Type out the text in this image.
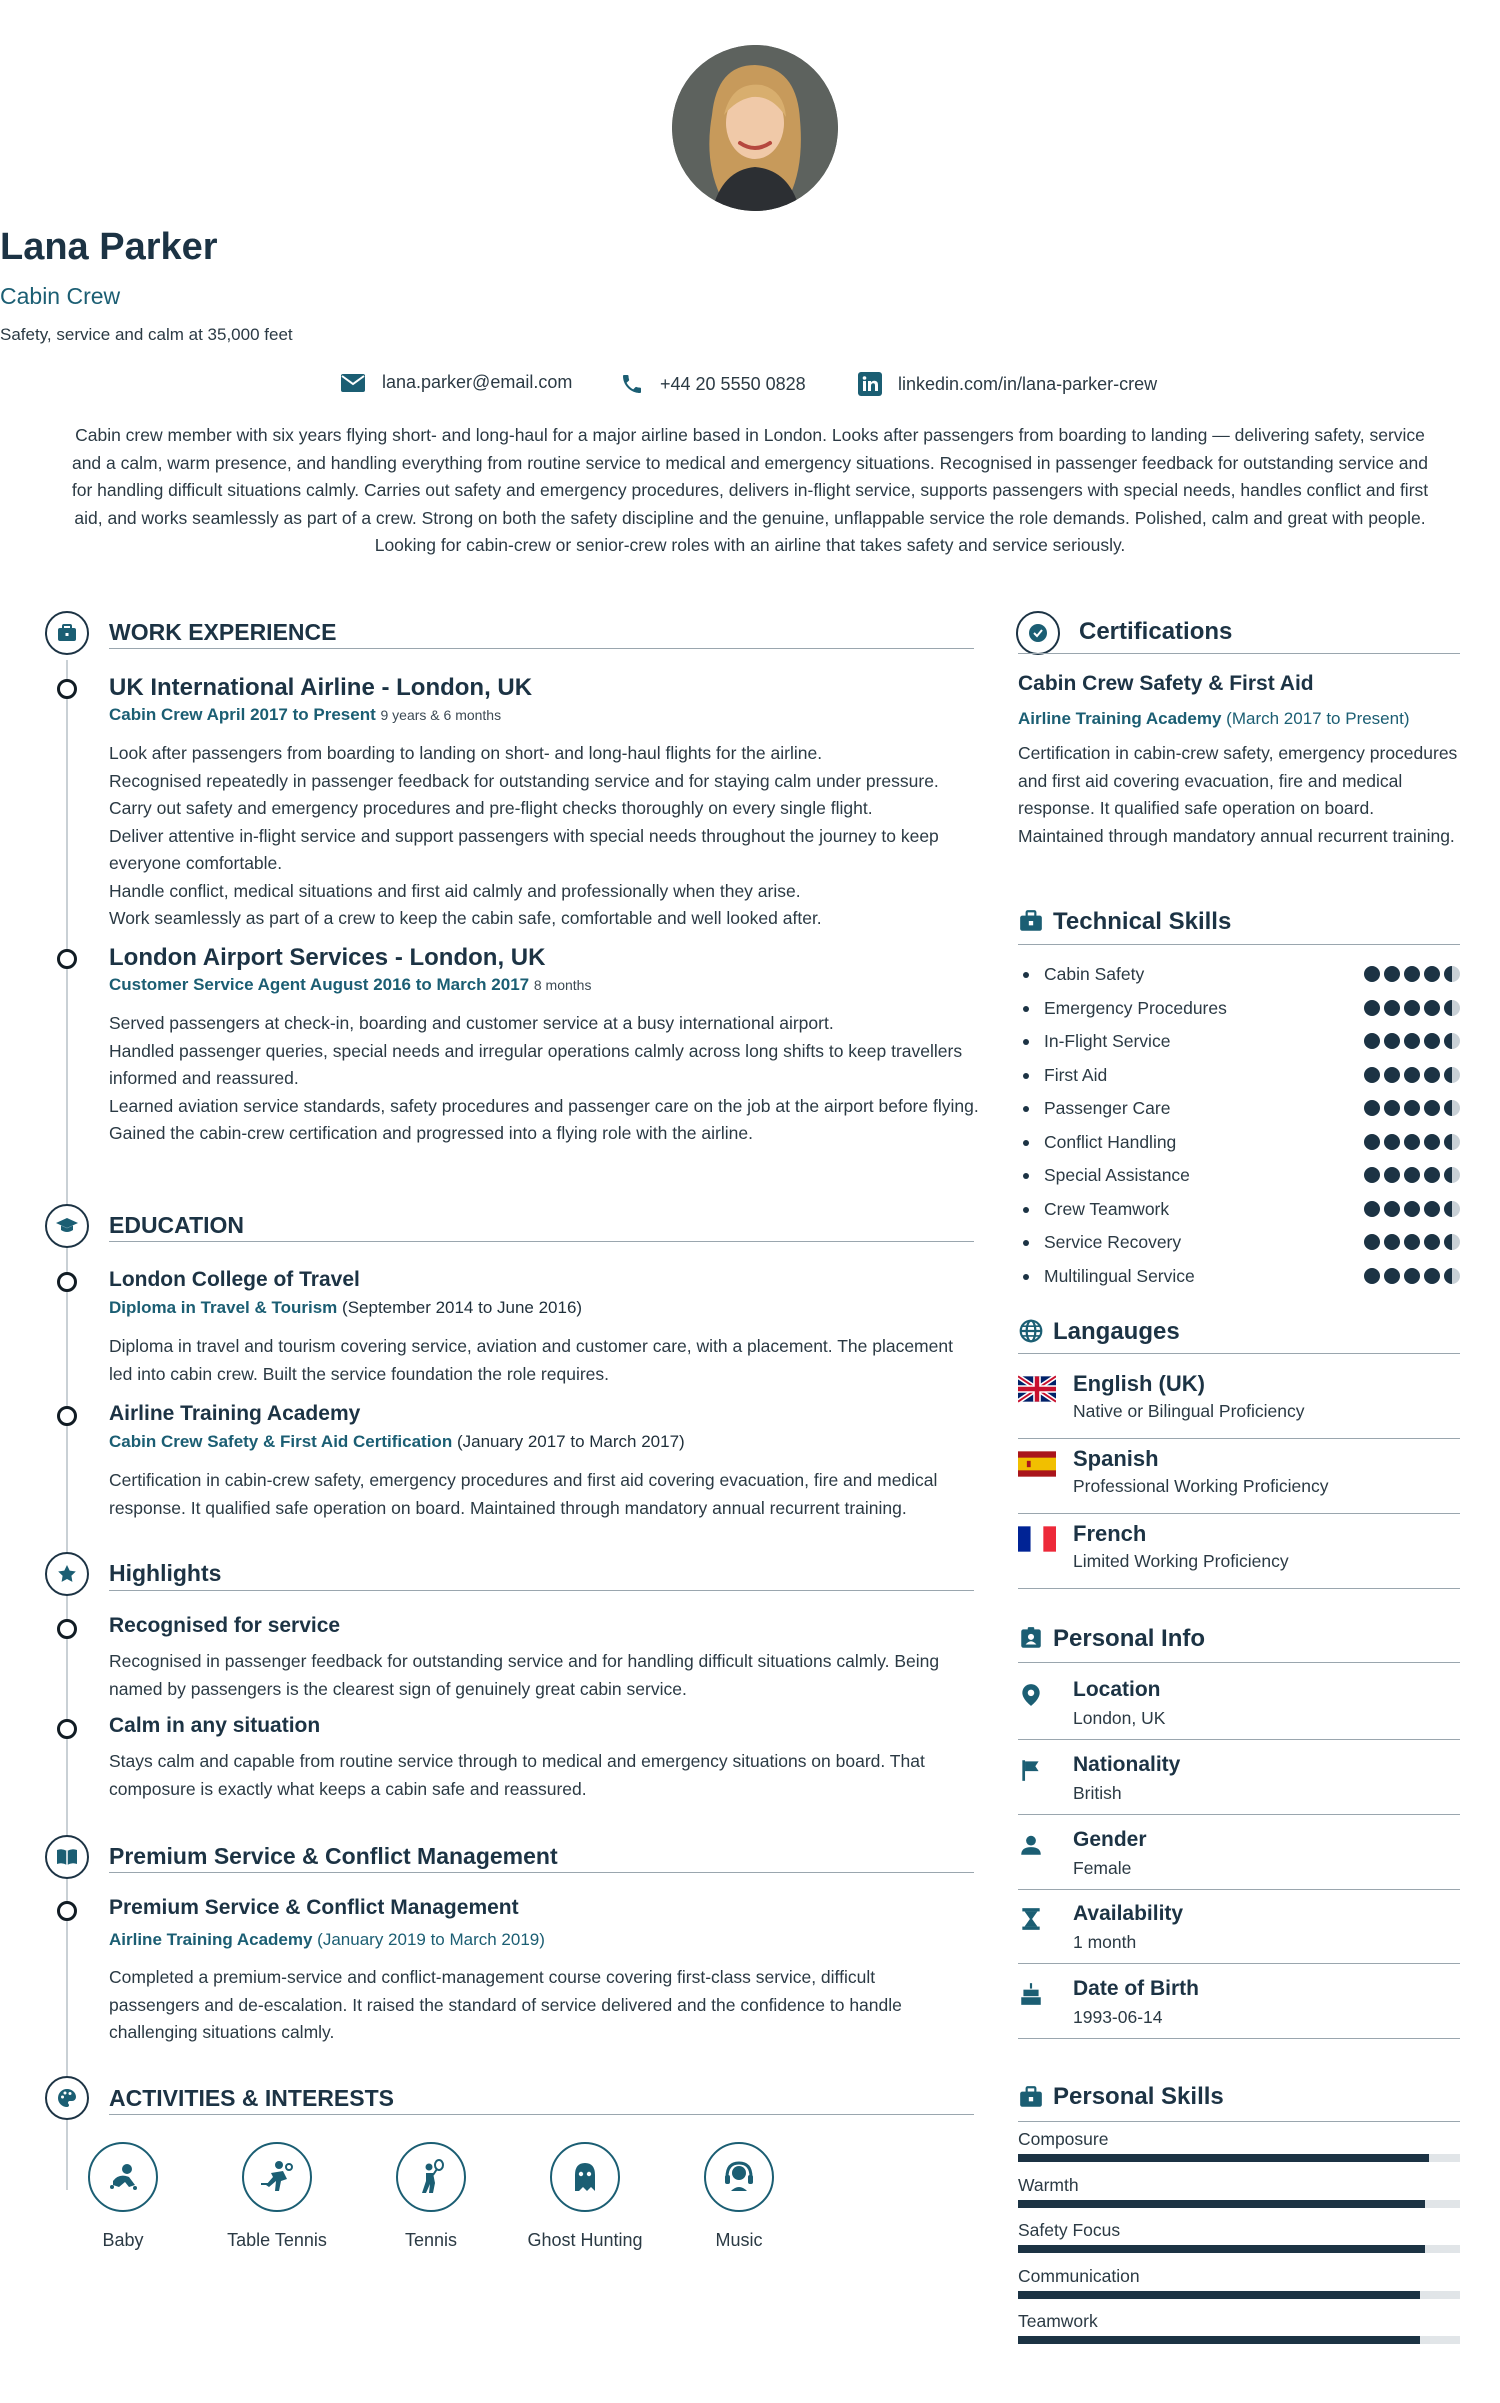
Lana Parker
Cabin Crew
Safety, service and calm at 35,000 feet
lana.parker@email.com	+44 20 5550 0828	linkedin.com/in/lana-parker-crew
Cabin crew member with six years flying short- and long-haul for a major airline based in London. Looks after passengers from boarding to landing — delivering safety, service and a calm, warm presence, and handling everything from routine service to medical and emergency situations. Recognised in passenger feedback for outstanding service and for handling difficult situations calmly. Carries out safety and emergency procedures, delivers in-flight service, supports passengers with special needs, handles conflict and first aid, and works seamlessly as part of a crew. Strong on both the safety discipline and the genuine, unflappable service the role demands. Polished, calm and great with people. Looking for cabin-crew or senior-crew roles with an airline that takes safety and service seriously.
WORK EXPERIENCE
UK International Airline - London, UK
Cabin Crew April 2017 to Present 9 years & 6 months
Look after passengers from boarding to landing on short- and long-haul flights for the airline.
Recognised repeatedly in passenger feedback for outstanding service and for staying calm under pressure.
Carry out safety and emergency procedures and pre-flight checks thoroughly on every single flight.
Deliver attentive in-flight service and support passengers with special needs throughout the journey to keep everyone comfortable.
Handle conflict, medical situations and first aid calmly and professionally when they arise.
Work seamlessly as part of a crew to keep the cabin safe, comfortable and well looked after.
London Airport Services - London, UK
Customer Service Agent August 2016 to March 2017 8 months
Served passengers at check-in, boarding and customer service at a busy international airport.
Handled passenger queries, special needs and irregular operations calmly across long shifts to keep travellers informed and reassured.
Learned aviation service standards, safety procedures and passenger care on the job at the airport before flying.
Gained the cabin-crew certification and progressed into a flying role with the airline.
EDUCATION
London College of Travel
Diploma in Travel & Tourism (September 2014 to June 2016)
Diploma in travel and tourism covering service, aviation and customer care, with a placement. The placement led into cabin crew. Built the service foundation the role requires.
Airline Training Academy
Cabin Crew Safety & First Aid Certification (January 2017 to March 2017)
Certification in cabin-crew safety, emergency procedures and first aid covering evacuation, fire and medical response. It qualified safe operation on board. Maintained through mandatory annual recurrent training.
Highlights
Recognised for service
Recognised in passenger feedback for outstanding service and for handling difficult situations calmly. Being named by passengers is the clearest sign of genuinely great cabin service.
Calm in any situation
Stays calm and capable from routine service through to medical and emergency situations on board. That composure is exactly what keeps a cabin safe and reassured.
Premium Service & Conflict Management
Premium Service & Conflict Management
Airline Training Academy (January 2019 to March 2019)
Completed a premium-service and conflict-management course covering first-class service, difficult passengers and de-escalation. It raised the standard of service delivered and the confidence to handle challenging situations calmly.
ACTIVITIES & INTERESTS
Baby	Table Tennis	Tennis	Ghost Hunting	Music
Certifications
Cabin Crew Safety & First Aid
Airline Training Academy (March 2017 to Present)
Certification in cabin-crew safety, emergency procedures and first aid covering evacuation, fire and medical response. It qualified safe operation on board. Maintained through mandatory annual recurrent training.
Technical Skills
Cabin Safety
Emergency Procedures
In-Flight Service
First Aid
Passenger Care
Conflict Handling
Special Assistance
Crew Teamwork
Service Recovery
Multilingual Service
Langauges
English (UK)
Native or Bilingual Proficiency
Spanish
Professional Working Proficiency
French
Limited Working Proficiency
Personal Info
Location
London, UK
Nationality
British
Gender
Female
Availability
1 month
Date of Birth
1993-06-14
Personal Skills
Composure
Warmth
Safety Focus
Communication
Teamwork
